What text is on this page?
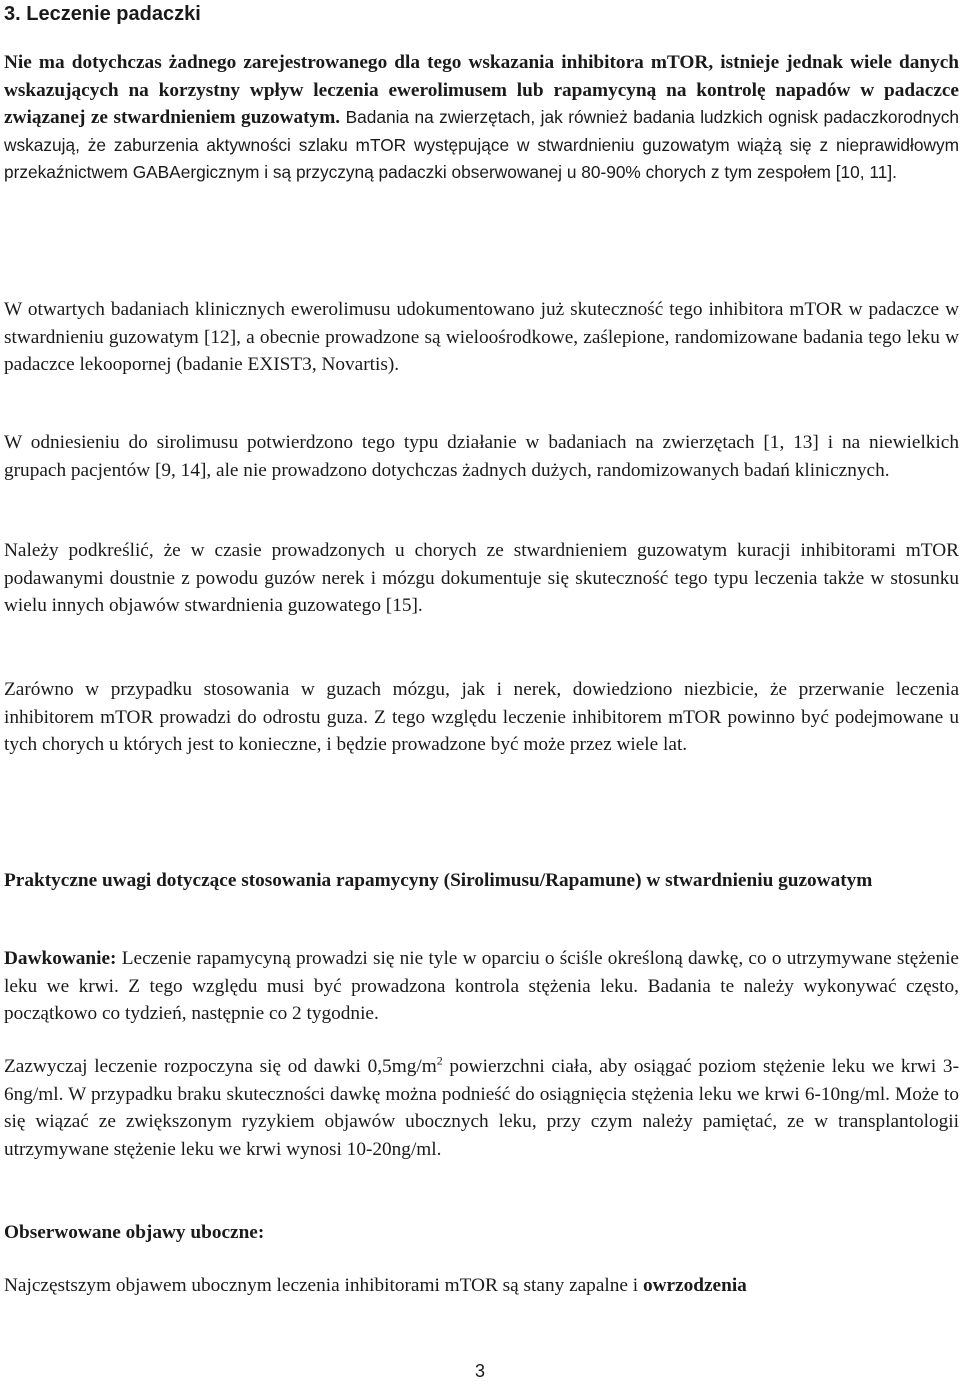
3. Leczenie padaczki
Nie ma dotychczas żadnego zarejestrowanego dla tego wskazania inhibitora mTOR, istnieje jednak wiele danych wskazujących na korzystny wpływ leczenia ewerolimusem lub rapamycyną na kontrolę napadów w padaczce związanej ze stwardnieniem guzowatym. Badania na zwierzętach, jak również badania ludzkich ognisk padaczkorodnych wskazują, że zaburzenia aktywności szlaku mTOR występujące w stwardnieniu guzowatym wiążą się z nieprawidłowym przekaźnictwem GABAergicznym i są przyczyną padaczki obserwowanej u 80-90% chorych z tym zespołem [10, 11].
W otwartych badaniach klinicznych ewerolimusu udokumentowano już skuteczność tego inhibitora mTOR w padaczce w stwardnieniu guzowatym [12], a obecnie prowadzone są wieloośrodkowe, zaślepione, randomizowane badania tego leku w padaczce lekoopornej (badanie EXIST3, Novartis).
W odniesieniu do sirolimusu potwierdzono tego typu działanie w badaniach na zwierzętach [1, 13] i na niewielkich grupach pacjentów [9, 14], ale nie prowadzono dotychczas żadnych dużych, randomizowanych badań klinicznych.
Należy podkreślić, że w czasie prowadzonych u chorych ze stwardnieniem guzowatym kuracji inhibitorami mTOR podawanymi doustnie z powodu guzów nerek i mózgu dokumentuje się skuteczność tego typu leczenia także w stosunku wielu innych objawów stwardnienia guzowatego [15].
Zarówno w przypadku stosowania w guzach mózgu, jak i nerek, dowiedziono niezbicie, że przerwanie leczenia inhibitorem mTOR prowadzi do odrostu guza. Z tego względu leczenie inhibitorem mTOR powinno być podejmowane u tych chorych u których jest to konieczne, i będzie prowadzone być może przez wiele lat.
Praktyczne uwagi dotyczące stosowania rapamycyny (Sirolimusu/Rapamune) w stwardnieniu guzowatym
Dawkowanie: Leczenie rapamycyną prowadzi się nie tyle w oparciu o ściśle określoną dawkę, co o utrzymywane stężenie leku we krwi. Z tego względu musi być prowadzona kontrola stężenia leku. Badania te należy wykonywać często, początkowo co tydzień, następnie co 2 tygodnie.
Zazwyczaj leczenie rozpoczyna się od dawki $0,5mg/m^2$ powierzchni ciała, aby osiągać poziom stężenie leku we krwi 3-6ng/ml. W przypadku braku skuteczności dawkę można podnieść do osiągnięcia stężenia leku we krwi 6-10ng/ml. Może to się wiązać ze zwiększonym ryzykiem objawów ubocznych leku, przy czym należy pamiętać, ze w transplantologii utrzymywane stężenie leku we krwi wynosi 10-20ng/ml.
Obserwowane objawy uboczne:
Najczęstszym objawem ubocznym leczenia inhibitorami mTOR są stany zapalne i owrzodzenia
3
